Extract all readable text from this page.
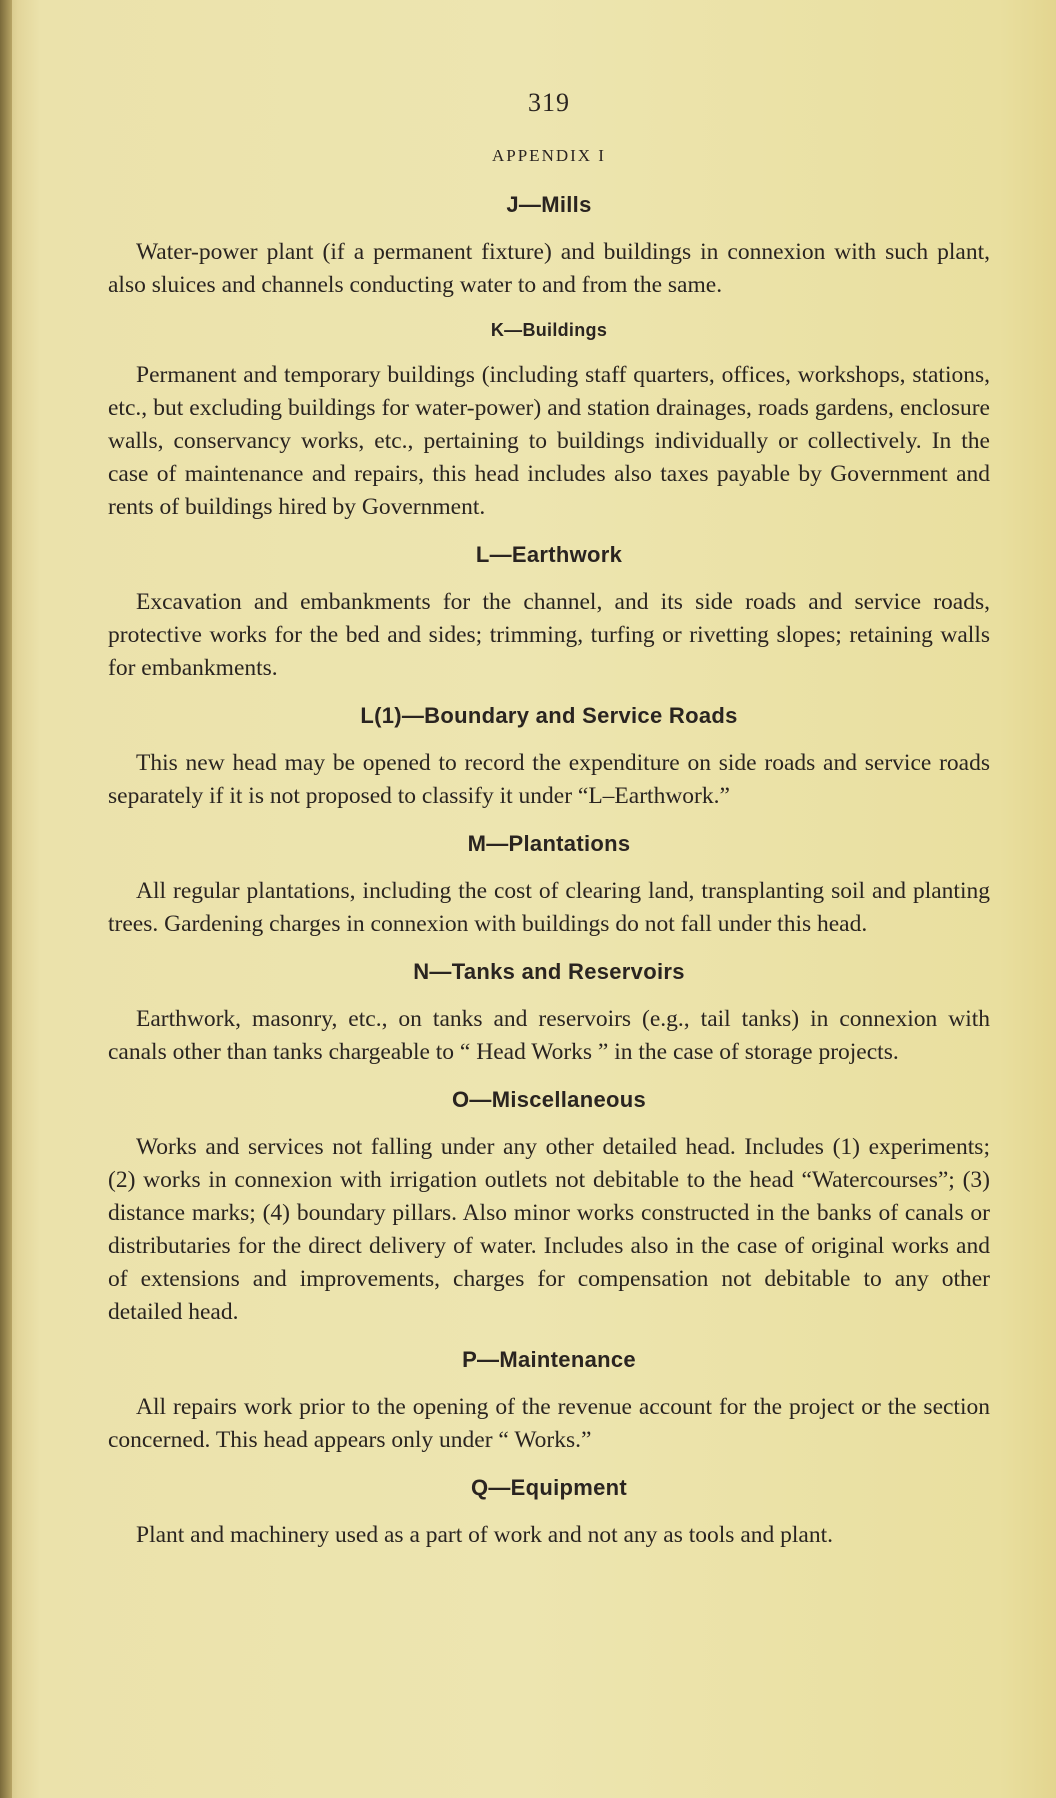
319
APPENDIX I
J—Mills

Water-power plant (if a permanent fixture) and buildings in connexion with such plant, also sluices and channels conducting water to and from the same.

K—Buildings

Permanent and temporary buildings (including staff quarters, offices, workshops, stations, etc., but excluding buildings for water-power) and station drainages, roads gardens, enclosure walls, conservancy works, etc., pertaining to buildings individually or collectively. In the case of maintenance and repairs, this head includes also taxes payable by Government and rents of buildings hired by Government.

L—Earthwork

Excavation and embankments for the channel, and its side roads and service roads, protective works for the bed and sides; trimming, turfing or rivetting slopes; retaining walls for embankments.

L(1)—Boundary and Service Roads

This new head may be opened to record the expenditure on side roads and service roads separately if it is not proposed to classify it under “L–Earthwork.”

M—Plantations

All regular plantations, including the cost of clearing land, transplanting soil and planting trees. Gardening charges in connexion with buildings do not fall under this head.

N—Tanks and Reservoirs

Earthwork, masonry, etc., on tanks and reservoirs (e.g., tail tanks) in connexion with canals other than tanks chargeable to “ Head Works ” in the case of storage projects.

O—Miscellaneous

Works and services not falling under any other detailed head. Includes (1) experiments; (2) works in connexion with irrigation outlets not debitable to the head “Watercourses”; (3) distance marks; (4) boundary pillars. Also minor works constructed in the banks of canals or distributaries for the direct delivery of water. Includes also in the case of original works and of extensions and improvements, charges for compensation not debitable to any other detailed head.

P—Maintenance

All repairs work prior to the opening of the revenue account for the project or the section concerned. This head appears only under “ Works.”

Q—Equipment

Plant and machinery used as a part of work and not any as tools and plant.
